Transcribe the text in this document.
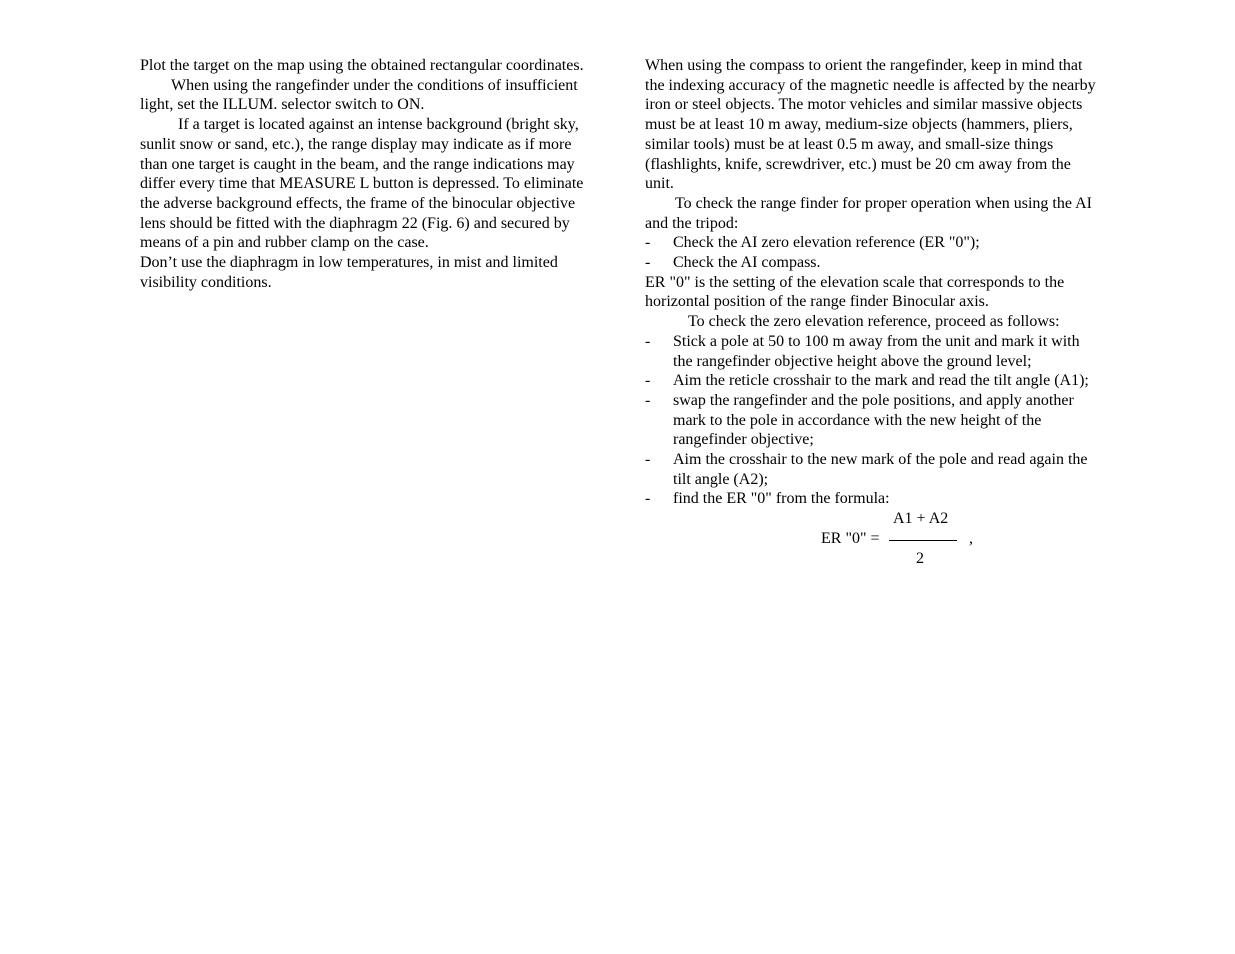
Plot the target on the map using the obtained rectangular coordinates.

When using the rangefinder under the conditions of insufficient light, set the ILLUM. selector switch to ON.

If a target is located against an intense background (bright sky, sunlit snow or sand, etc.), the range display may indicate as if more than one target is caught in the beam, and the range indications may differ every time that MEASURE L button is depressed. To eliminate the adverse background effects, the frame of the binocular objective lens should be fitted with the diaphragm 22 (Fig. 6) and secured by means of a pin and rubber clamp on the case.

Don’t use the diaphragm in low temperatures, in mist and limited visibility conditions.

When using the compass to orient the rangefinder, keep in mind that the indexing accuracy of the magnetic needle is affected by the nearby iron or steel objects. The motor vehicles and similar massive objects must be at least 10 m away, medium-size objects (hammers, pliers, similar tools) must be at least 0.5 m away, and small-size things (flashlights, knife, screwdriver, etc.) must be 20 cm away from the unit.

To check the range finder for proper operation when using the AI and the tripod:

-	Check the AI zero elevation reference (ER "0");
-	Check the AI compass.

ER "0" is the setting of the elevation scale that corresponds to the horizontal position of the range finder Binocular axis.

To check the zero elevation reference, proceed as follows:

-	Stick a pole at 50 to 100 m away from the unit and mark it with the rangefinder objective height above the ground level;
-	Aim the reticle crosshair to the mark and read the tilt angle (A1);
-	swap the rangefinder and the pole positions, and apply another mark to the pole in accordance with the new height of the rangefinder objective;
-	Aim the crosshair to the new mark of the pole and read again the tilt angle (A2);
-	find the ER "0" from the formula:
ER "0" =
A1 + A2
2
,
